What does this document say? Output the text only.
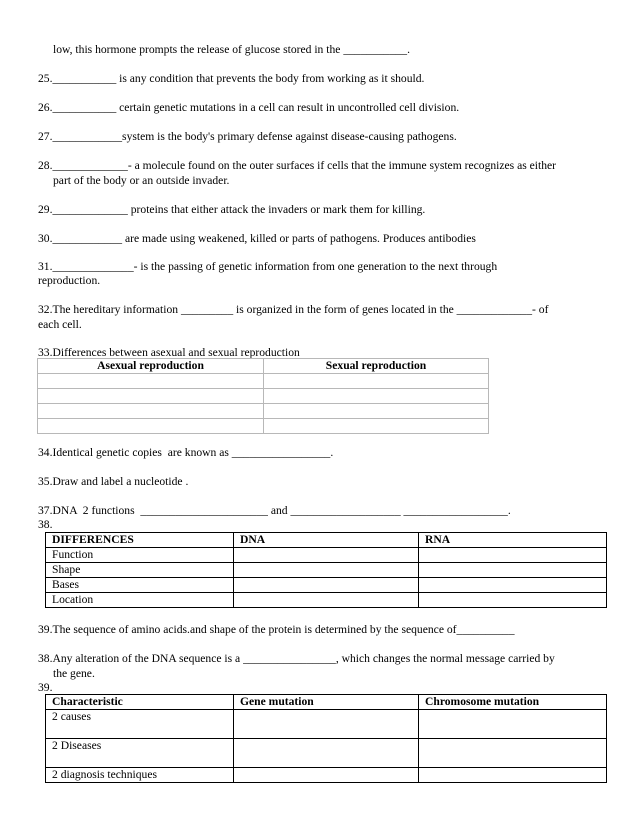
low, this hormone prompts the release of glucose stored in the ___________.
25.___________ is any condition that prevents the body from working as it should.
26.___________ certain genetic mutations in a cell can result in uncontrolled cell division.
27.____________system is the body's primary defense against disease-causing pathogens.
28._____________- a molecule found on the outer surfaces if cells that the immune system recognizes as either
part of the body or an outside invader.
29._____________ proteins that either attack the invaders or mark them for killing.
30.____________ are made using weakened, killed or parts of pathogens. Produces antibodies
31.______________- is the passing of genetic information from one generation to the next through
reproduction.
32.The hereditary information _________ is organized in the form of genes located in the _____________- of
each cell.
33.Differences between asexual and sexual reproduction
Asexual reproduction	Sexual reproduction

34.Identical genetic copies  are known as _________________.
35.Draw and label a nucleotide .
37.DNA  2 functions  ______________________ and ___________________ __________________.
38.
DIFFERENCES	DNA	RNA
Function		
Shape		
Bases		
Location		
39.The sequence of amino acids.and shape of the protein is determined by the sequence of__________
38.Any alteration of the DNA sequence is a ________________, which changes the normal message carried by
the gene.
39.
Characteristic	Gene mutation	Chromosome mutation
2 causes		
2 Diseases		
2 diagnosis techniques		
